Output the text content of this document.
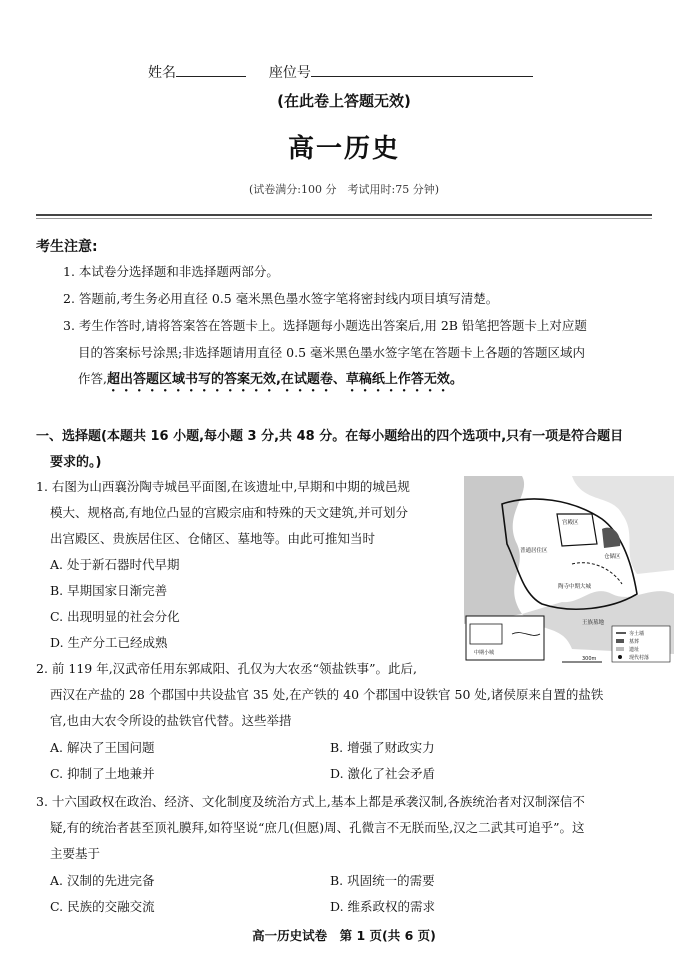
姓名	座位号
(在此卷上答题无效)
高一历史
(试卷满分:100 分　考试用时:75 分钟)
考生注意:
1. 本试卷分选择题和非选择题两部分。
2. 答题前,考生务必用直径 0.5 毫米黑色墨水签字笔将密封线内项目填写清楚。
3. 考生作答时,请将答案答在答题卡上。选择题每小题选出答案后,用 2B 铅笔把答题卡上对应题
目的答案标号涂黑;非选择题请用直径 0.5 毫米黑色墨水签字笔在答题卡上各题的答题区域内
作答,超出答题区域书写的答案无效,在试题卷、草稿纸上作答无效。
一、选择题(本题共 16 小题,每小题 3 分,共 48 分。在每小题给出的四个选项中,只有一项是符合题目
要求的。)
1. 右图为山西襄汾陶寺城邑平面图,在该遗址中,早期和中期的城邑规
模大、规格高,有地位凸显的宫殿宗庙和特殊的天文建筑,并可划分
出宫殿区、贵族居住区、仓储区、墓地等。由此可推知当时
A. 处于新石器时代早期
B. 早期国家日渐完善
C. 出现明显的社会分化
D. 生产分工已经成熟
宫殿区
普通居住区
陶寺中期大城
王族墓地
仓储区
中期小城
夯土墙
墓葬
遗址
现代村落
300m
2. 前 119 年,汉武帝任用东郭咸阳、孔仅为大农丞“领盐铁事”。此后,
西汉在产盐的 28 个郡国中共设盐官 35 处,在产铁的 40 个郡国中设铁官 50 处,诸侯原来自置的盐铁
官,也由大农令所设的盐铁官代替。这些举措
A. 解决了王国问题	B. 增强了财政实力
C. 抑制了土地兼并	D. 激化了社会矛盾
3. 十六国政权在政治、经济、文化制度及统治方式上,基本上都是承袭汉制,各族统治者对汉制深信不
疑,有的统治者甚至顶礼膜拜,如符坚说“庶几(但愿)周、孔微言不无朕而坠,汉之二武其可追乎”。这
主要基于
A. 汉制的先进完备	B. 巩固统一的需要
C. 民族的交融交流	D. 维系政权的需求
高一历史试卷　第 1 页(共 6 页)
